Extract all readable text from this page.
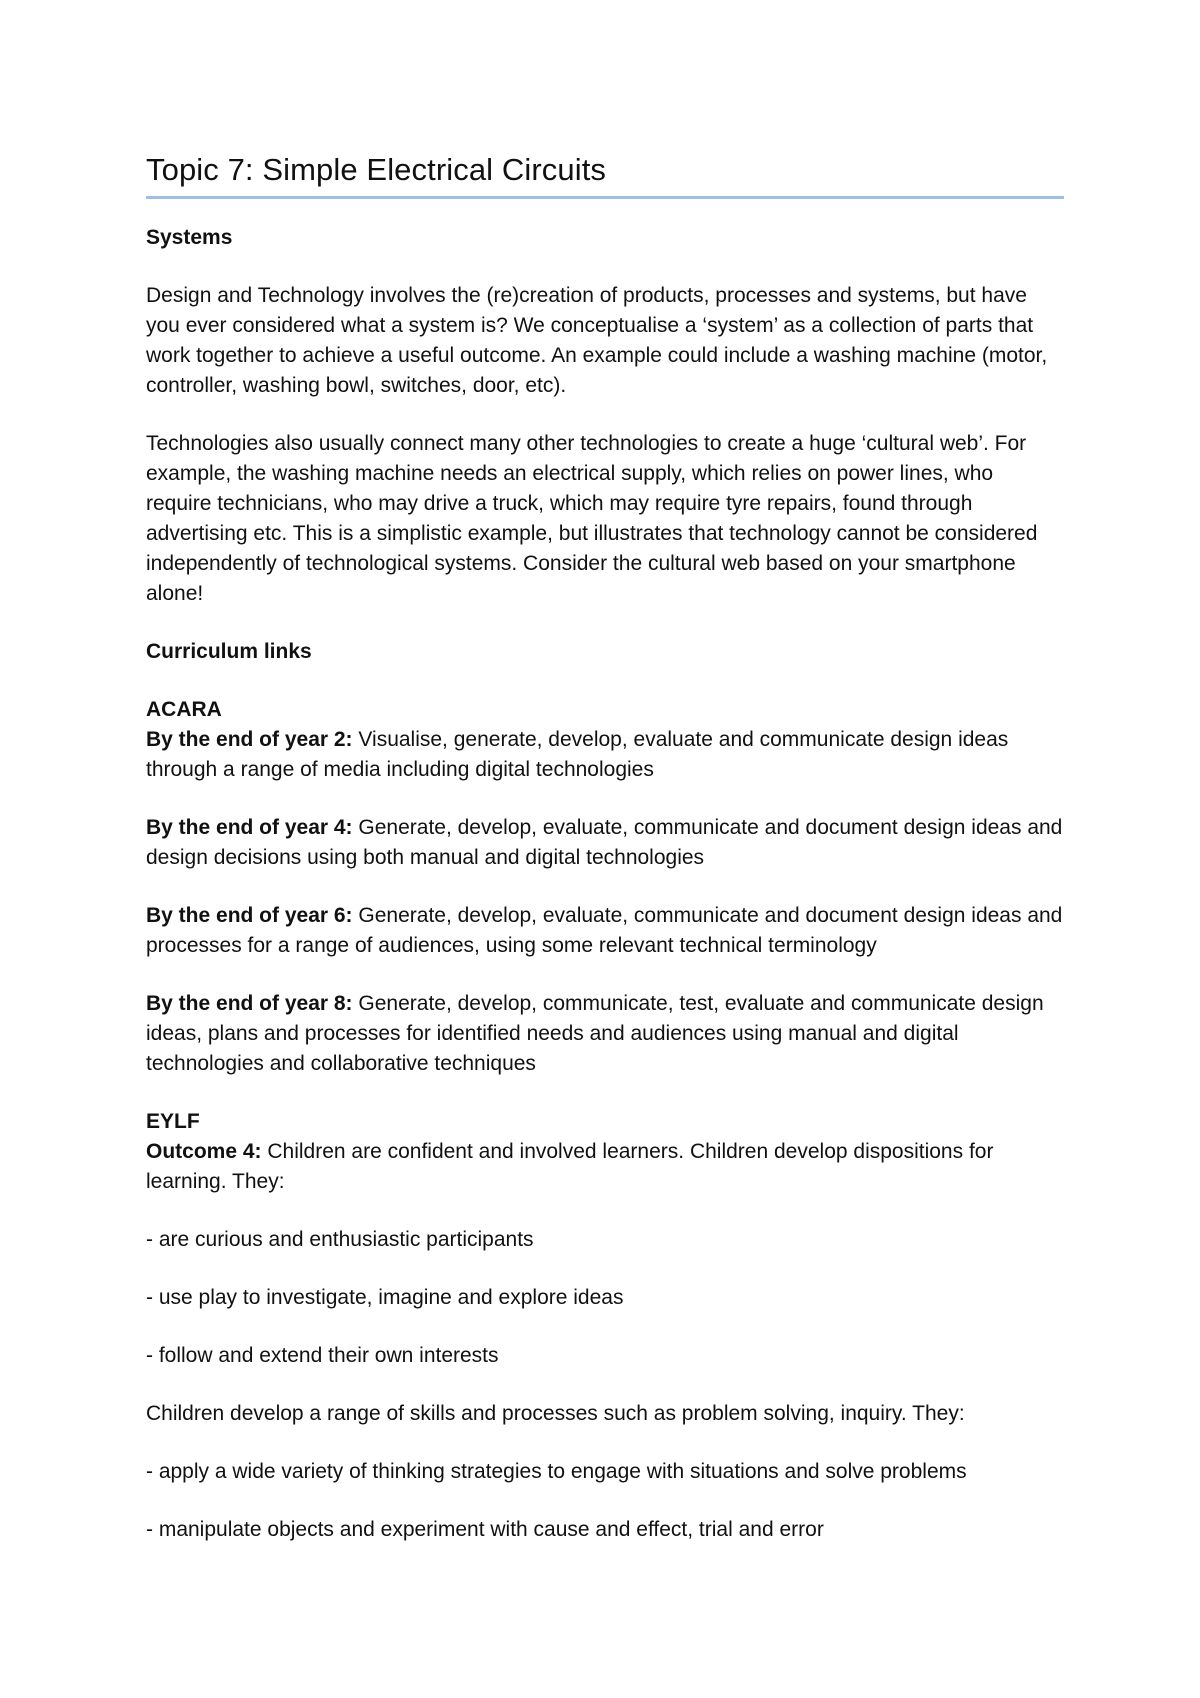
Topic 7: Simple Electrical Circuits

Systems

Design and Technology involves the (re)creation of products, processes and systems, but have you ever considered what a system is? We conceptualise a ‘system’ as a collection of parts that work together to achieve a useful outcome. An example could include a washing machine (motor, controller, washing bowl, switches, door, etc).

Technologies also usually connect many other technologies to create a huge ‘cultural web’. For example, the washing machine needs an electrical supply, which relies on power lines, who require technicians, who may drive a truck, which may require tyre repairs, found through advertising etc. This is a simplistic example, but illustrates that technology cannot be considered independently of technological systems. Consider the cultural web based on your smartphone alone!

Curriculum links

ACARA

By the end of year 2: Visualise, generate, develop, evaluate and communicate design ideas through a range of media including digital technologies

By the end of year 4: Generate, develop, evaluate, communicate and document design ideas and design decisions using both manual and digital technologies

By the end of year 6: Generate, develop, evaluate, communicate and document design ideas and processes for a range of audiences, using some relevant technical terminology

By the end of year 8: Generate, develop, communicate, test, evaluate and communicate design ideas, plans and processes for identified needs and audiences using manual and digital technologies and collaborative techniques

EYLF

Outcome 4: Children are confident and involved learners. Children develop dispositions for learning. They:

- are curious and enthusiastic participants

- use play to investigate, imagine and explore ideas

- follow and extend their own interests

Children develop a range of skills and processes such as problem solving, inquiry. They:

- apply a wide variety of thinking strategies to engage with situations and solve problems

- manipulate objects and experiment with cause and effect, trial and error
